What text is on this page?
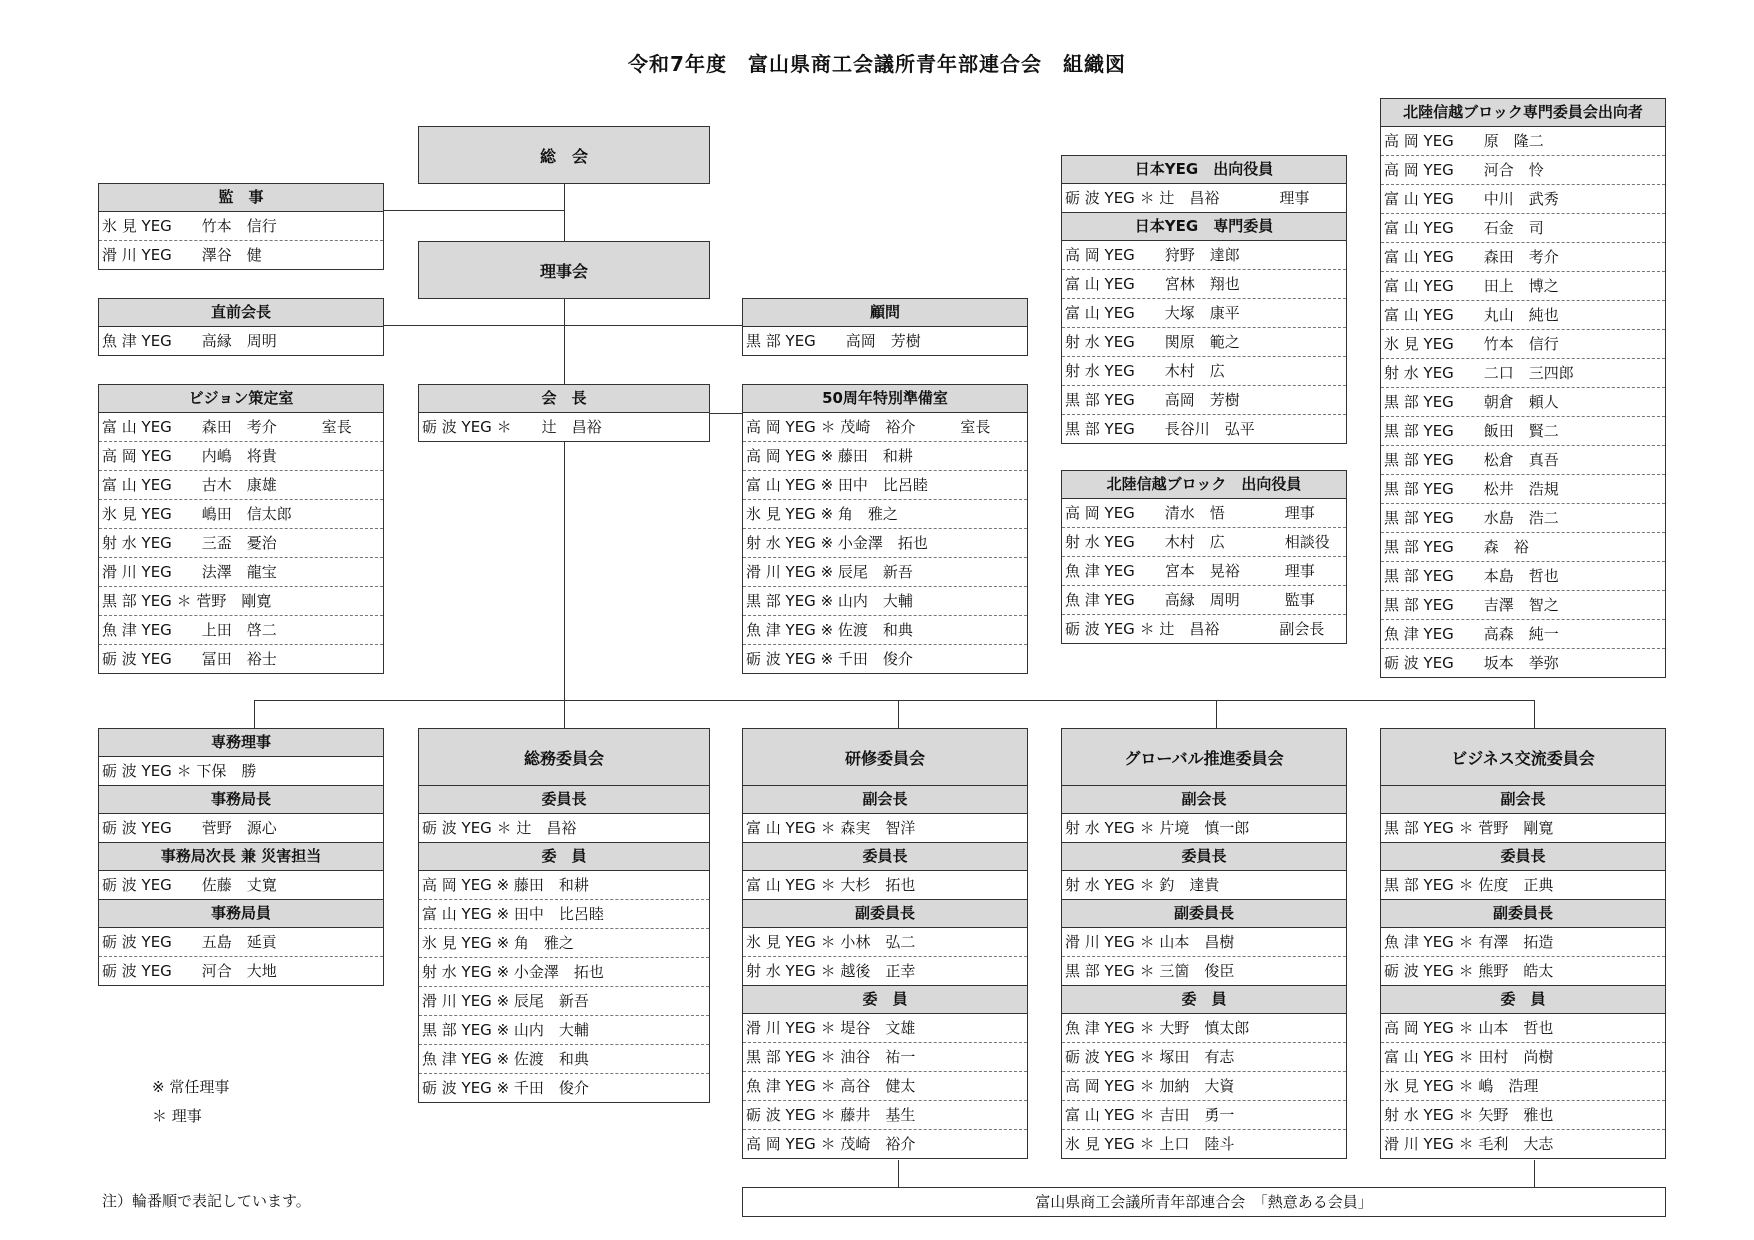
令和7年度　富山県商工会議所青年部連合会　組織図
総　会
理事会
監　事
氷 見 YEG　　竹本　信行
滑 川 YEG　　澤谷　健
直前会長
魚 津 YEG　　高縁　周明
顧問
黒 部 YEG　　高岡　芳樹
会　長
砺 波 YEG ＊　　辻　昌裕
ビジョン策定室
富 山 YEG　　森田　考介　　　室長
高 岡 YEG　　内嶋　将貴
富 山 YEG　　古木　康雄
氷 見 YEG　　嶋田　信太郎
射 水 YEG　　三盃　憂治
滑 川 YEG　　法澤　龍宝
黒 部 YEG ＊ 菅野　剛寛
魚 津 YEG　　上田　啓二
砺 波 YEG　　冨田　裕士
50周年特別準備室
高 岡 YEG ＊ 茂崎　裕介　　　室長
高 岡 YEG ※ 藤田　和耕
富 山 YEG ※ 田中　比呂睦
氷 見 YEG ※ 角　雅之
射 水 YEG ※ 小金澤　拓也
滑 川 YEG ※ 辰尾　新吾
黒 部 YEG ※ 山内　大輔
魚 津 YEG ※ 佐渡　和典
砺 波 YEG ※ 千田　俊介
日本YEG　出向役員
砺 波 YEG ＊ 辻　昌裕　　　　理事
日本YEG　専門委員
高 岡 YEG　　狩野　達郎
富 山 YEG　　宮林　翔也
富 山 YEG　　大塚　康平
射 水 YEG　　関原　範之
射 水 YEG　　木村　広
黒 部 YEG　　高岡　芳樹
黒 部 YEG　　長谷川　弘平
北陸信越ブロック　出向役員
高 岡 YEG　　清水　悟　　　　理事
射 水 YEG　　木村　広　　　　相談役
魚 津 YEG　　宮本　晃裕　　　理事
魚 津 YEG　　高縁　周明　　　監事
砺 波 YEG ＊ 辻　昌裕　　　　副会長
北陸信越ブロック専門委員会出向者
高 岡 YEG　　原　隆二
高 岡 YEG　　河合　怜
富 山 YEG　　中川　武秀
富 山 YEG　　石金　司
富 山 YEG　　森田　考介
富 山 YEG　　田上　博之
富 山 YEG　　丸山　純也
氷 見 YEG　　竹本　信行
射 水 YEG　　二口　三四郎
黒 部 YEG　　朝倉　頼人
黒 部 YEG　　飯田　賢二
黒 部 YEG　　松倉　真吾
黒 部 YEG　　松井　浩規
黒 部 YEG　　水島　浩二
黒 部 YEG　　森　裕
黒 部 YEG　　本島　哲也
黒 部 YEG　　吉澤　智之
魚 津 YEG　　高森　純一
砺 波 YEG　　坂本　挙弥
専務理事
砺 波 YEG ＊ 下保　勝
事務局長
砺 波 YEG　　菅野　源心
事務局次長 兼 災害担当
砺 波 YEG　　佐藤　丈寛
事務局員
砺 波 YEG　　五島　延貢
砺 波 YEG　　河合　大地
総務委員会
委員長
砺 波 YEG ＊ 辻　昌裕
委　員
高 岡 YEG ※ 藤田　和耕
富 山 YEG ※ 田中　比呂睦
氷 見 YEG ※ 角　雅之
射 水 YEG ※ 小金澤　拓也
滑 川 YEG ※ 辰尾　新吾
黒 部 YEG ※ 山内　大輔
魚 津 YEG ※ 佐渡　和典
砺 波 YEG ※ 千田　俊介
研修委員会
副会長
富 山 YEG ＊ 森実　智洋
委員長
富 山 YEG ＊ 大杉　拓也
副委員長
氷 見 YEG ＊ 小林　弘二
射 水 YEG ＊ 越後　正幸
委　員
滑 川 YEG ＊ 堤谷　文雄
黒 部 YEG ＊ 油谷　祐一
魚 津 YEG ＊ 高谷　健太
砺 波 YEG ＊ 藤井　基生
高 岡 YEG ＊ 茂崎　裕介
グローバル推進委員会
副会長
射 水 YEG ＊ 片境　慎一郎
委員長
射 水 YEG ＊ 釣　達貴
副委員長
滑 川 YEG ＊ 山本　昌樹
黒 部 YEG ＊ 三箇　俊臣
委　員
魚 津 YEG ＊ 大野　慎太郎
砺 波 YEG ＊ 塚田　有志
高 岡 YEG ＊ 加納　大資
富 山 YEG ＊ 吉田　勇一
氷 見 YEG ＊ 上口　陸斗
ビジネス交流委員会
副会長
黒 部 YEG ＊ 菅野　剛寛
委員長
黒 部 YEG ＊ 佐度　正典
副委員長
魚 津 YEG ＊ 有澤　拓造
砺 波 YEG ＊ 熊野　皓太
委　員
高 岡 YEG ＊ 山本　哲也
富 山 YEG ＊ 田村　尚樹
氷 見 YEG ＊ 嶋　浩理
射 水 YEG ＊ 矢野　雅也
滑 川 YEG ＊ 毛利　大志
富山県商工会議所青年部連合会　「熱意ある会員」
※ 常任理事
＊ 理事
注）輪番順で表記しています。
